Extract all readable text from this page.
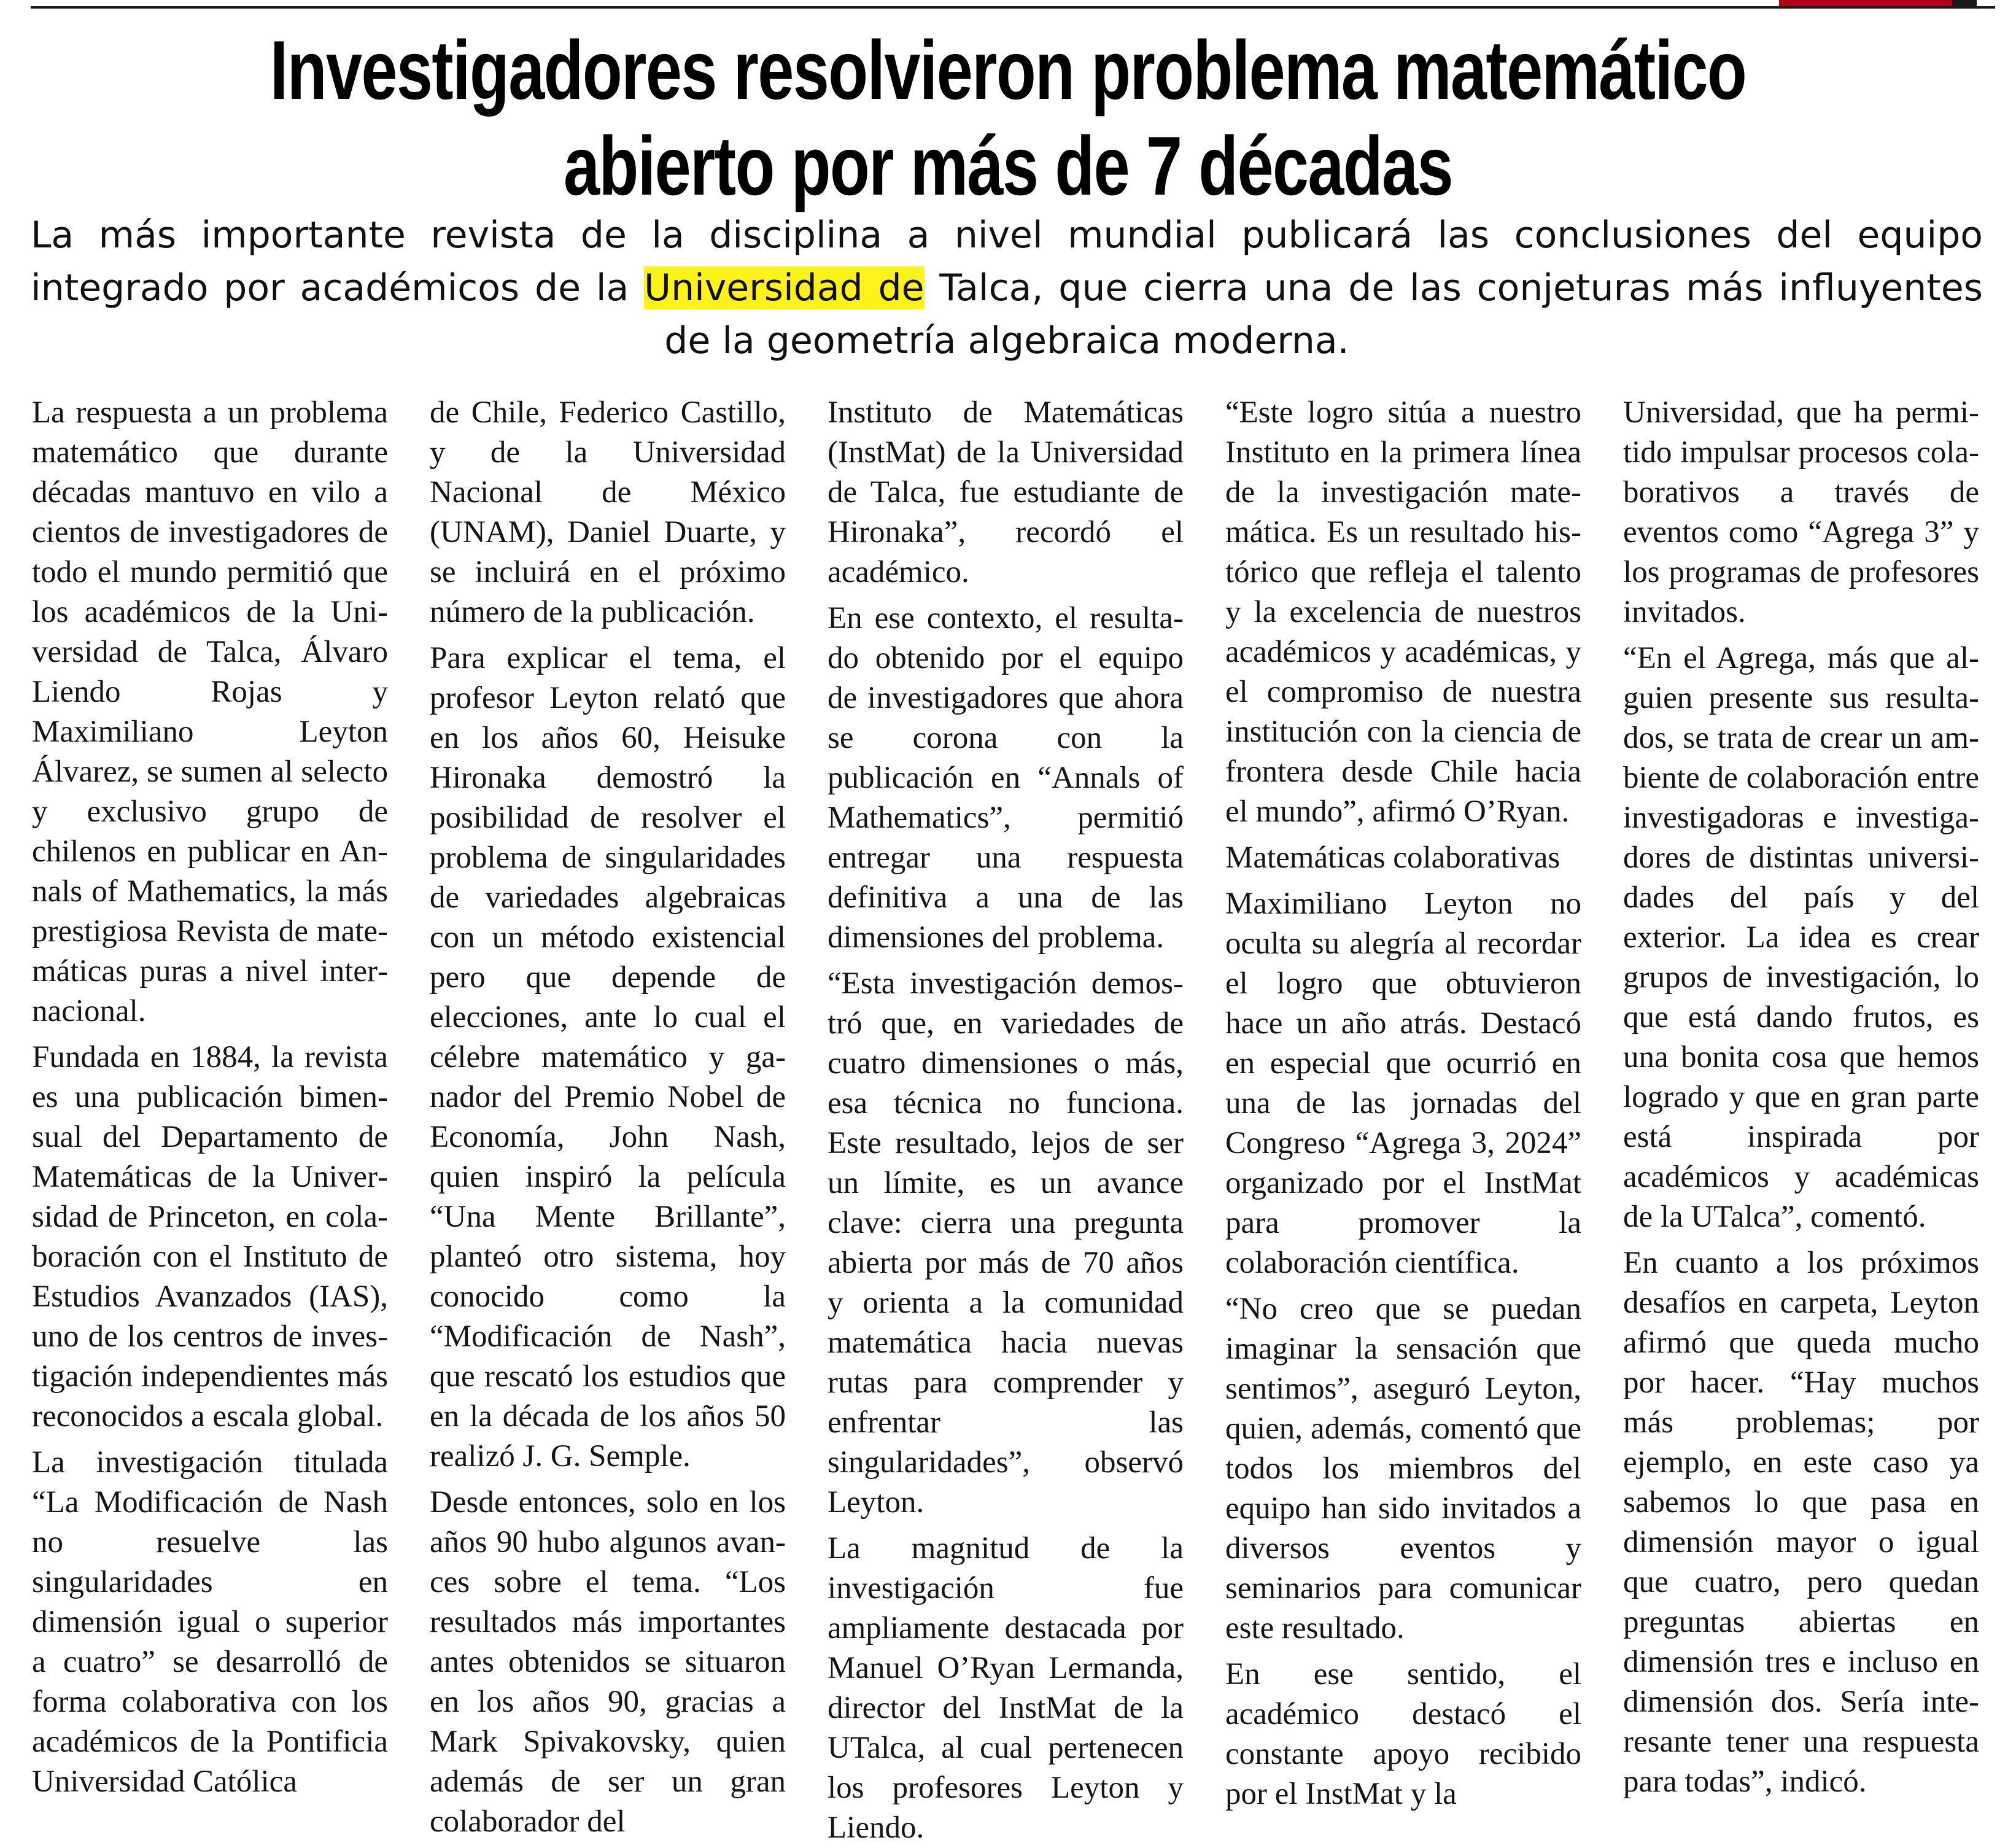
Investigadores resolvieron problema matemático abierto por más de 7 décadas

La más importante revista de la disciplina a nivel mundial publicará las conclusiones del equipo integrado por académicos de la Universidad de Talca, que cierra una de las conjeturas más influyentes de la geometría algebraica moderna.

La respuesta a un problema matemático que durante décadas mantuvo en vilo a cientos de investigadores de todo el mundo permitió que los académicos de la Universidad de Talca, Álvaro Liendo Rojas y Maximiliano Leyton Álvarez, se sumen al selecto y exclusivo grupo de chilenos en publicar en Annals of Mathematics, la más prestigiosa Revista de matemáticas puras a nivel internacional.

Fundada en 1884, la revista es una publicación bimensual del Departamento de Matemáticas de la Universidad de Princeton, en colaboración con el Instituto de Estudios Avanzados (IAS), uno de los centros de investigación independientes más reconocidos a escala global.

La investigación titulada “La Modificación de Nash no resuelve las singularidades en dimensión igual o superior a cuatro” se desarrolló de forma colaborativa con los académicos de la Pontificia Universidad Católica

de Chile, Federico Castillo, y de la Universidad Nacional de México (UNAM), Daniel Duarte, y se incluirá en el próximo número de la publicación.

Para explicar el tema, el profesor Leyton relató que en los años 60, Heisuke Hironaka demostró la posibilidad de resolver el problema de singularidades de variedades algebraicas con un método existencial pero que depende de elecciones, ante lo cual el célebre matemático y ganador del Premio Nobel de Economía, John Nash, quien inspiró la película “Una Mente Brillante”, planteó otro sistema, hoy conocido como la “Modificación de Nash”, que rescató los estudios que en la década de los años 50 realizó J. G. Semple.

Desde entonces, solo en los años 90 hubo algunos avances sobre el tema. “Los resultados más importantes antes obtenidos se situaron en los años 90, gracias a Mark Spivakovsky, quien además de ser un gran colaborador del

Instituto de Matemáticas (InstMat) de la Universidad de Talca, fue estudiante de Hironaka”, recordó el académico.

En ese contexto, el resultado obtenido por el equipo de investigadores que ahora se corona con la publicación en “Annals of Mathematics”, permitió entregar una respuesta definitiva a una de las dimensiones del problema.

“Esta investigación demostró que, en variedades de cuatro dimensiones o más, esa técnica no funciona. Este resultado, lejos de ser un límite, es un avance clave: cierra una pregunta abierta por más de 70 años y orienta a la comunidad matemática hacia nuevas rutas para comprender y enfrentar las singularidades”, observó Leyton.

La magnitud de la investigación fue ampliamente destacada por Manuel O’Ryan Lermanda, director del InstMat de la UTalca, al cual pertenecen los profesores Leyton y Liendo.

“Este logro sitúa a nuestro Instituto en la primera línea de la investigación matemática. Es un resultado histórico que refleja el talento y la excelencia de nuestros académicos y académicas, y el compromiso de nuestra institución con la ciencia de frontera desde Chile hacia el mundo”, afirmó O’Ryan.

Matemáticas colaborativas

Maximiliano Leyton no oculta su alegría al recordar el logro que obtuvieron hace un año atrás. Destacó en especial que ocurrió en una de las jornadas del Congreso “Agrega 3, 2024” organizado por el InstMat para promover la colaboración científica.

“No creo que se puedan imaginar la sensación que sentimos”, aseguró Leyton, quien, además, comentó que todos los miembros del equipo han sido invitados a diversos eventos y seminarios para comunicar este resultado.

En ese sentido, el académico destacó el constante apoyo recibido por el InstMat y la

Universidad, que ha permitido impulsar procesos colaborativos a través de eventos como “Agrega 3” y los programas de profesores invitados.

“En el Agrega, más que alguien presente sus resultados, se trata de crear un ambiente de colaboración entre investigadoras e investigadores de distintas universidades del país y del exterior. La idea es crear grupos de investigación, lo que está dando frutos, es una bonita cosa que hemos logrado y que en gran parte está inspirada por académicos y académicas de la UTalca”, comentó.

En cuanto a los próximos desafíos en carpeta, Leyton afirmó que queda mucho por hacer. “Hay muchos más problemas; por ejemplo, en este caso ya sabemos lo que pasa en dimensión mayor o igual que cuatro, pero quedan preguntas abiertas en dimensión tres e incluso en dimensión dos. Sería interesante tener una respuesta para todas”, indicó.
